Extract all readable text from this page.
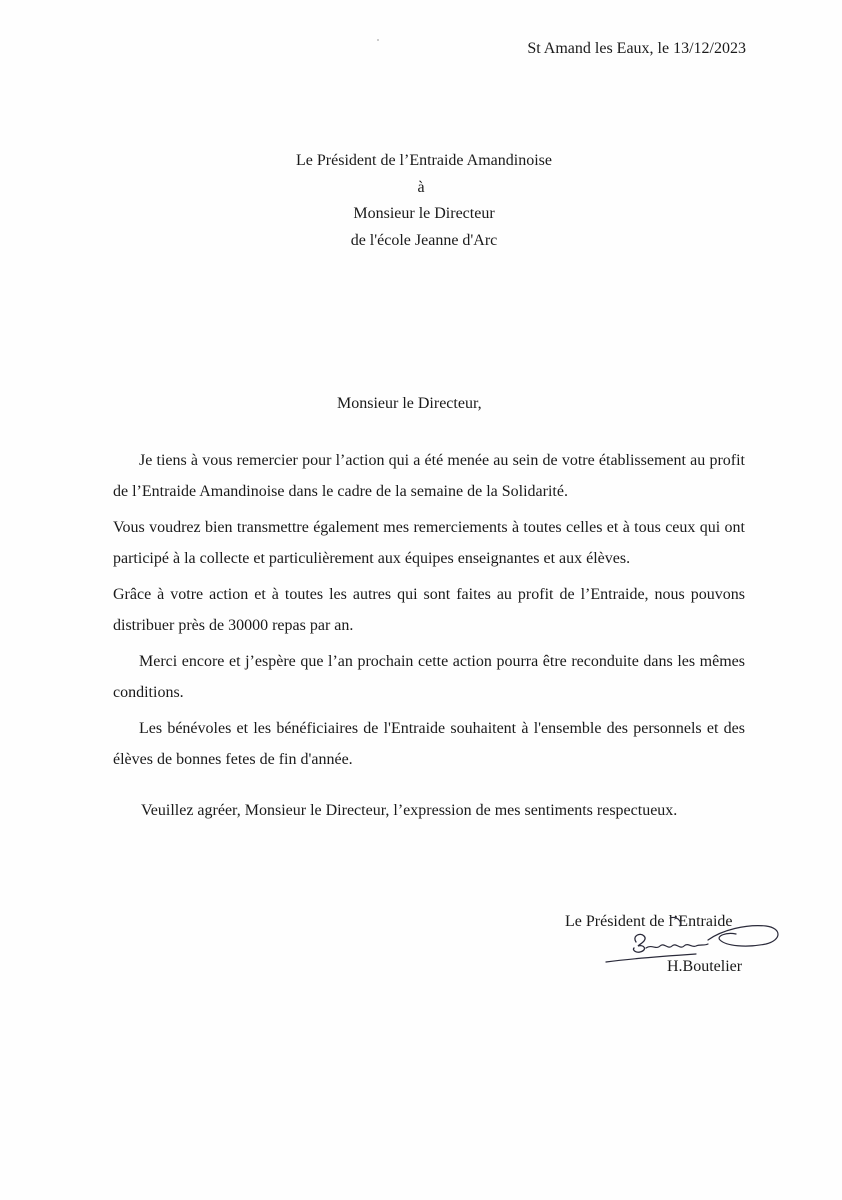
St Amand les Eaux, le 13/12/2023
Le Président de l’Entraide Amandinoise
à
Monsieur le Directeur
de l'école Jeanne d'Arc
Monsieur le Directeur,

Je tiens à vous remercier pour l’action qui a été menée au sein de votre établissement au profit de l’Entraide Amandinoise dans le cadre de la semaine de la Solidarité.

Vous voudrez bien transmettre également mes remerciements à toutes celles et à tous ceux qui ont participé à la collecte et particulièrement aux équipes enseignantes et aux élèves.

Grâce à votre action et à toutes les autres qui sont faites au profit de l’Entraide, nous pouvons distribuer près de 30000 repas par an.

Merci encore et j’espère que l’an prochain cette action pourra être reconduite dans les mêmes conditions.

Les bénévoles et les bénéficiaires de l'Entraide souhaitent à l'ensemble des personnels et des élèves de bonnes fetes de fin d'année.

Veuillez agréer, Monsieur le Directeur, l’expression de mes sentiments respectueux.
Le Président de l’Entraide
H.Boutelier
